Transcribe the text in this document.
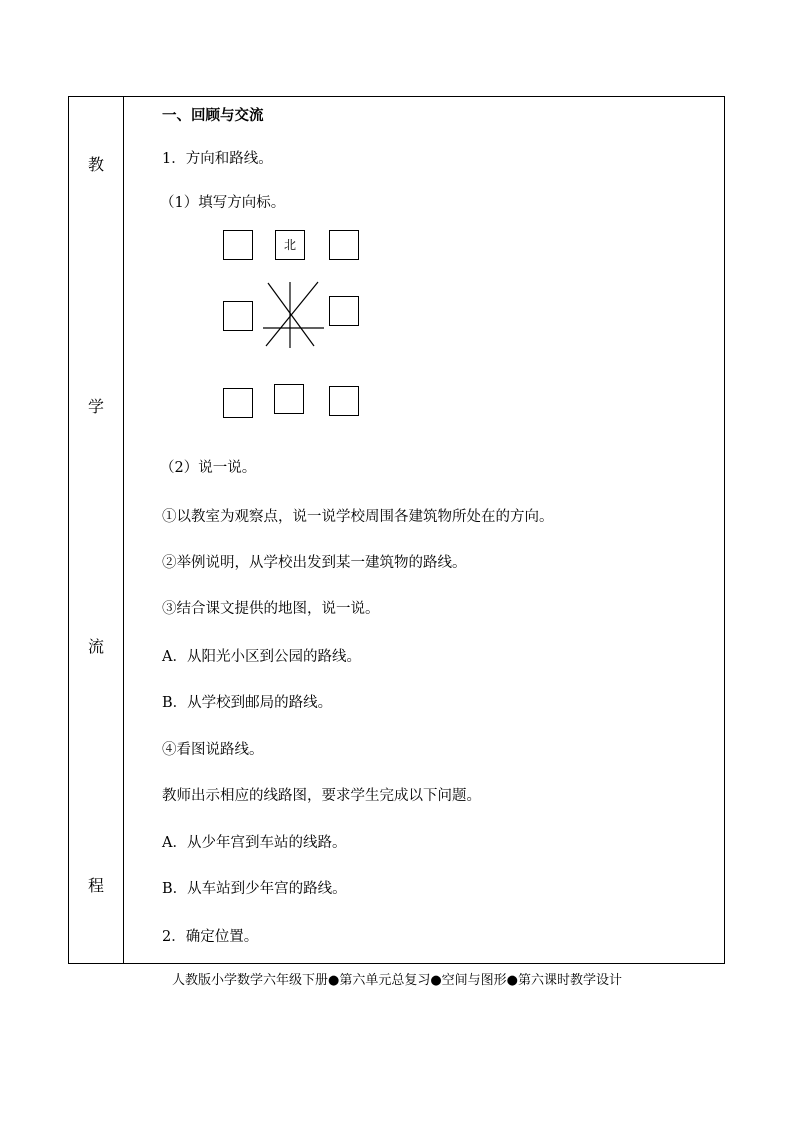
教
学
流
程
一、回顾与交流
1．方向和路线。
（1）填写方向标。
北
（2）说一说。
①以教室为观察点，说一说学校周围各建筑物所处在的方向。
②举例说明，从学校出发到某一建筑物的路线。
③结合课文提供的地图，说一说。
A．从阳光小区到公园的路线。
B．从学校到邮局的路线。
④看图说路线。
教师出示相应的线路图，要求学生完成以下问题。
A．从少年宫到车站的线路。
B．从车站到少年宫的路线。
2．确定位置。
人教版小学数学六年级下册●第六单元总复习●空间与图形●第六课时教学设计
